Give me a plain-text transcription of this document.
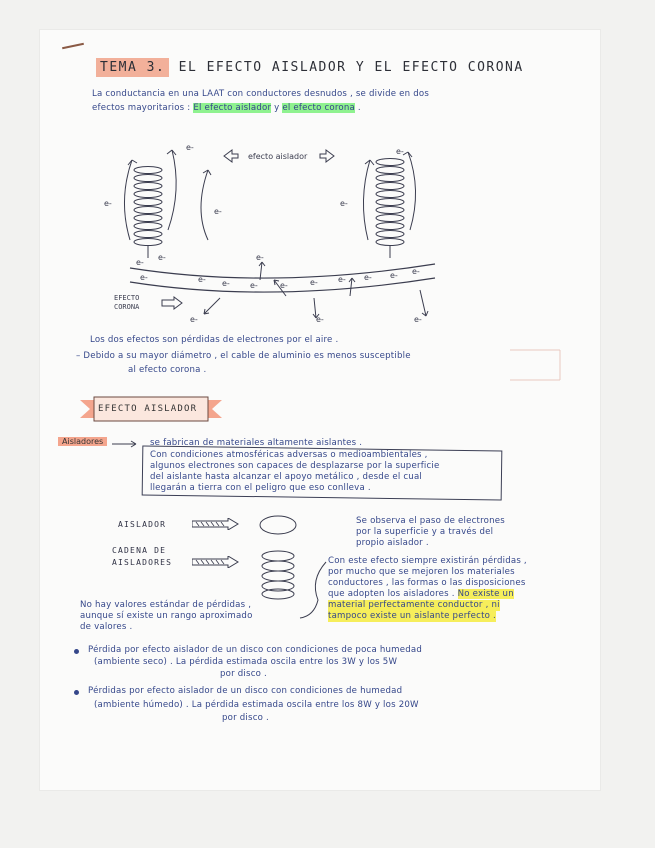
TEMA 3. EL EFECTO AISLADOR Y EL EFECTO CORONA
La conductancia en una LAAT con conductores desnudos , se divide en dos
efectos mayoritarios : El efecto aislador y el efecto corona .
e-
e-
e-	e- e-	e-	e-	e-	e- e- e- e-
e-
e-
e-
e-
e-
e-
e-	e-	e-
efecto aislador
EFECTO
CORONA
Los dos efectos son pérdidas de electrones por el aire .
– Debido a su mayor diámetro , el cable de aluminio es menos susceptible
al efecto corona .
EFECTO AISLADOR
Aisladores	se fabrican de materiales altamente aislantes .
Con condiciones atmosféricas adversas o medioambientales ,
algunos electrones son capaces de desplazarse por la superficie
del aislante hasta alcanzar el apoyo metálico , desde el cual
llegarán a tierra con el peligro que eso conlleva .
AISLADOR
CADENA DE
AISLADORES
Se observa el paso de electrones
por la superficie y a través del
propio aislador .
Con este efecto siempre existirán pérdidas ,
por mucho que se mejoren los materiales
conductores , las formas o las disposiciones
que adopten los aisladores . No existe un
material perfectamente conductor , ni
tampoco existe un aislante perfecto .
No hay valores estándar de pérdidas ,
aunque sí existe un rango aproximado
de valores .
Pérdida por efecto aislador de un disco con condiciones de poca humedad
(ambiente seco) . La pérdida estimada oscila entre los 3W y los 5W
por disco .
Pérdidas por efecto aislador de un disco con condiciones de humedad
(ambiente húmedo) . La pérdida estimada oscila entre los 8W y los 20W
por disco .
